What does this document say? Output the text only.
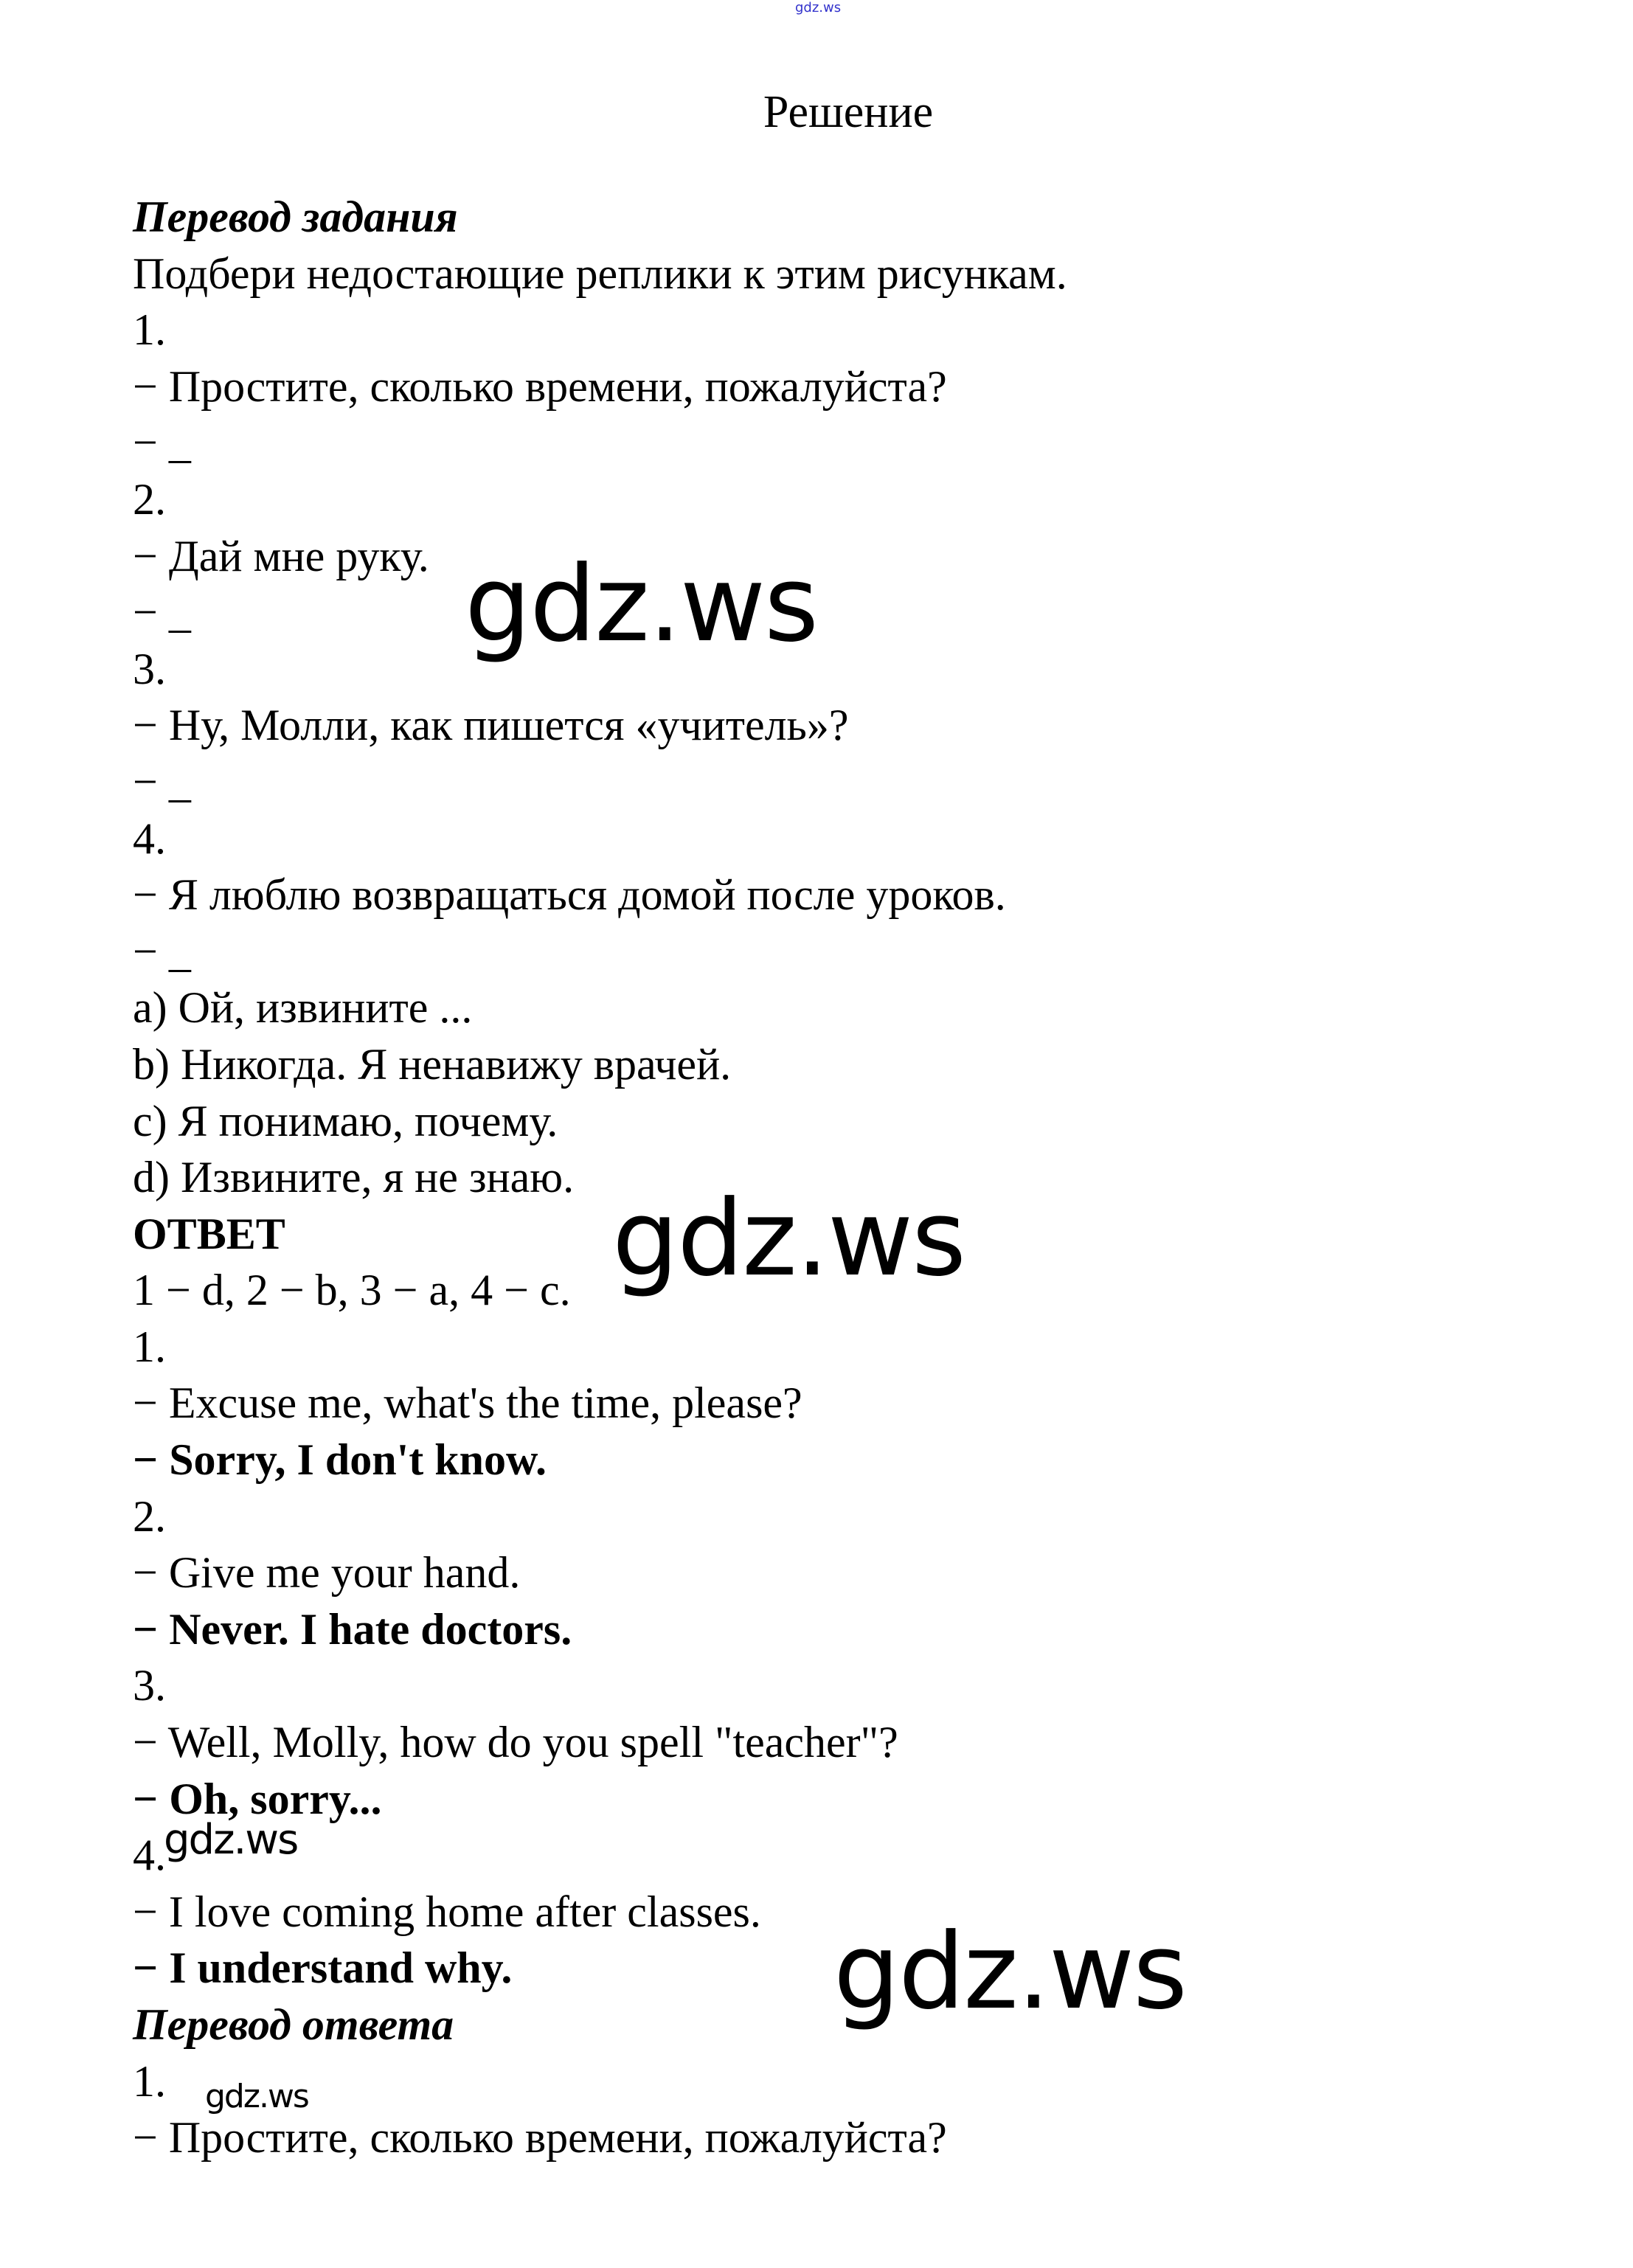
gdz.ws
Решение
Перевод задания
Подбери недостающие реплики к этим рисункам.
1.
− Простите, сколько времени, пожалуйста?
− _
2.
− Дай мне руку.
− _
3.
− Ну, Молли, как пишется «учитель»?
− _
4.
− Я люблю возвращаться домой после уроков.
− _
a) Ой, извините ...
b) Никогда. Я ненавижу врачей.
c) Я понимаю, почему.
d) Извините, я не знаю.
ОТВЕТ
1 − d, 2 − b, 3 − a, 4 − c.
1.
− Excuse me, what's the time, please?
− Sorry, I don't know.
2.
− Give me your hand.
− Never. I hate doctors.
3.
− Well, Molly, how do you spell "teacher"?
− Oh, sorry...
4.
− I love coming home after classes.
− I understand why.
Перевод ответа
1.
− Простите, сколько времени, пожалуйста?
gdz.ws
gdz.ws
gdz.ws
gdz.ws
gdz.ws
